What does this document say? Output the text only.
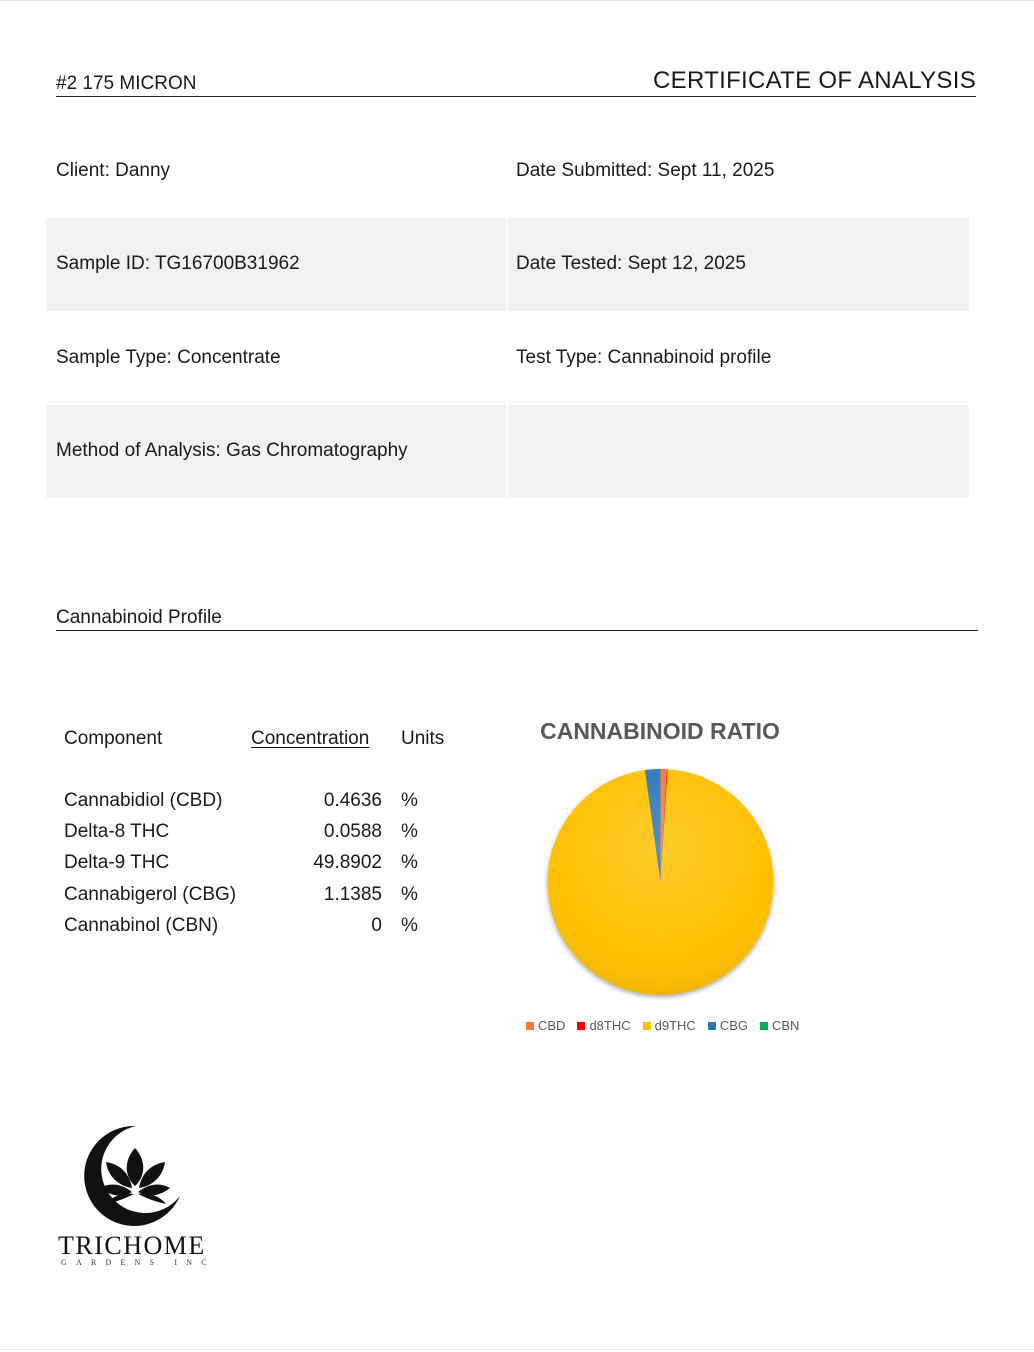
#2 175 MICRON	CERTIFICATE OF ANALYSIS
Client: Danny	Date Submitted: Sept 11, 2025
Sample ID: TG16700B31962	Date Tested: Sept 12, 2025
Sample Type: Concentrate	Test Type: Cannabinoid profile
Method of Analysis: Gas Chromatography
Cannabinoid Profile
Component	Concentration Units
Cannabidiol (CBD)	0.4636 %
Delta-8 THC	0.0588 %
Delta-9 THC	49.8902 %
Cannabigerol (CBG)	1.1385 %
Cannabinol (CBN)	0 %
CANNABINOID RATIO
CBD d8THC d9THC CBG CBN
TRICHOME
GARDENS INC
